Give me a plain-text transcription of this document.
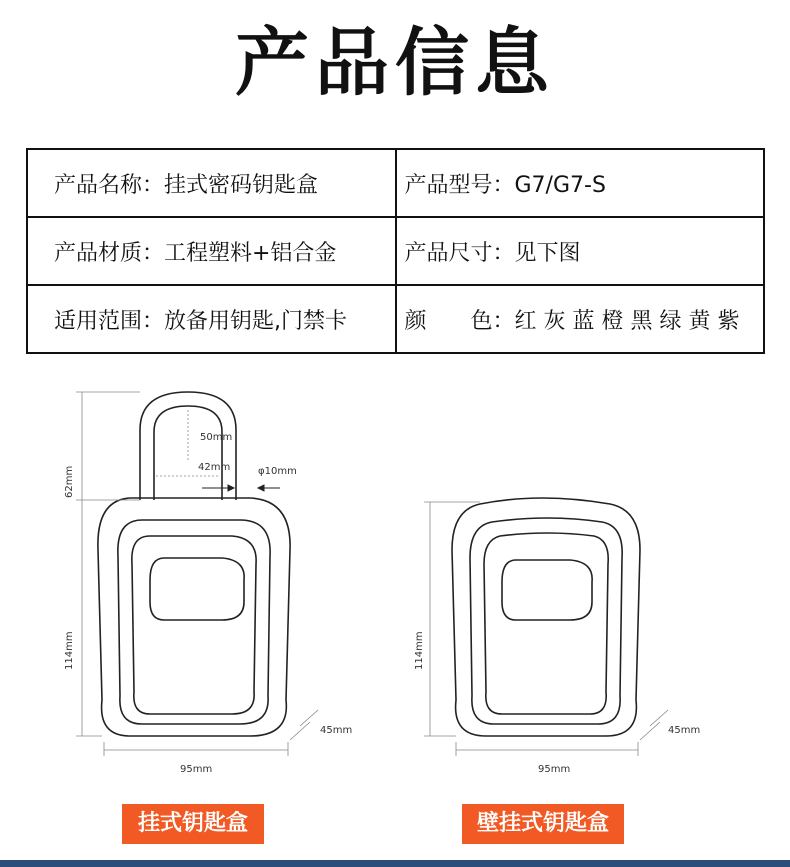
产品信息
产品名称：挂式密码钥匙盒	产品型号：G7/G7-S
产品材质：工程塑料+铝合金	产品尺寸：见下图
适用范围：放备用钥匙,门禁卡	颜　　色：红 灰 蓝 橙 黑 绿 黄 紫
50mm
42mm	φ10mm
62mm
114mm
45mm
95mm
114mm
45mm
95mm
挂式钥匙盒	壁挂式钥匙盒
